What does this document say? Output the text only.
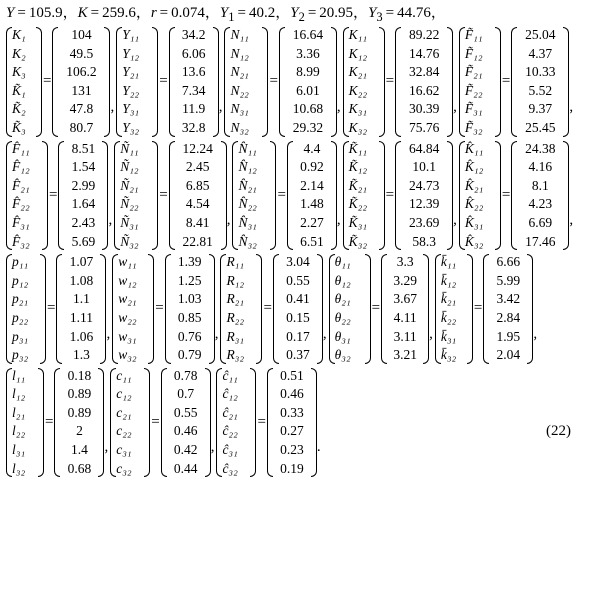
Y = 105.9，K = 259.6，r = 0.074，$Y_1 = 40.2$，$Y_2 = 20.95$，$Y_3 = 44.76$，
K₁
K₂
K₃
K̃₁
K̃₂
K̃₃
=
104
49.5
106.2
131
47.8
80.7
,
Y₁₁
Y₁₂
Y₂₁
Y₂₂
Y₃₁
Y₃₂
=
34.2
6.06
13.6
7.34
11.9
32.8
,
N₁₁
N₁₂
N₂₁
N₂₂
N₃₁
N₃₂
=
16.64
3.36
8.99
6.01
10.68
29.32
,
K₁₁
K₁₂
K₂₁
K₂₂
K₃₁
K₃₂
=
89.22
14.76
32.84
16.62
30.39
75.76
,
F̃₁₁
F̃₁₂
F̃₂₁
F̃₂₂
F̃₃₁
F̃₃₂
=
25.04
4.37
10.33
5.52
9.37
25.45
,
F̂₁₁
F̂₁₂
F̂₂₁
F̂₂₂
F̂₃₁
F̂₃₂
=
8.51
1.54
2.99
1.64
2.43
5.69
,
Ñ₁₁
Ñ₁₂
Ñ₂₁
Ñ₂₂
Ñ₃₁
Ñ₃₂
=
12.24
2.45
6.85
4.54
8.41
22.81
,
N̂₁₁
N̂₁₂
N̂₂₁
N̂₂₂
N̂₃₁
N̂₃₂
=
4.4
0.92
2.14
1.48
2.27
6.51
,
K̃₁₁
K̃₁₂
K̃₂₁
K̃₂₂
K̃₃₁
K̃₃₂
=
64.84
10.1
24.73
12.39
23.69
58.3
,
K̂₁₁
K̂₁₂
K̂₂₁
K̂₂₂
K̂₃₁
K̂₃₂
=
24.38
4.16
8.1
4.23
6.69
17.46
,
p₁₁
p₁₂
p₂₁
p₂₂
p₃₁
p₃₂
=
1.07
1.08
1.1
1.11
1.06
1.3
,
w₁₁
w₁₂
w₂₁
w₂₂
w₃₁
w₃₂
=
1.39
1.25
1.03
0.85
0.76
0.79
,
R₁₁
R₁₂
R₂₁
R₂₂
R₃₁
R₃₂
=
3.04
0.55
0.41
0.15
0.17
0.37
,
θ₁₁
θ₁₂
θ₂₁
θ₂₂
θ₃₁
θ₃₂
=
3.3
3.29
3.67
4.11
3.11
3.21
,
k̄₁₁
k̄₁₂
k̄₂₁
k̄₂₂
k̄₃₁
k̄₃₂
=
6.66
5.99
3.42
2.84
1.95
2.04
,
l₁₁
l₁₂
l₂₁
l₂₂
l₃₁
l₃₂
=
0.18
0.89
0.89
2
1.4
0.68
,
c₁₁
c₁₂
c₂₁
c₂₂
c₃₁
c₃₂
=
0.78
0.7
0.55
0.46
0.42
0.44
,
ĉ₁₁
ĉ₁₂
ĉ₂₁
ĉ₂₂
ĉ₃₁
ĉ₃₂
=
0.51
0.46
0.33
0.27
0.23
0.19
.
(22)
